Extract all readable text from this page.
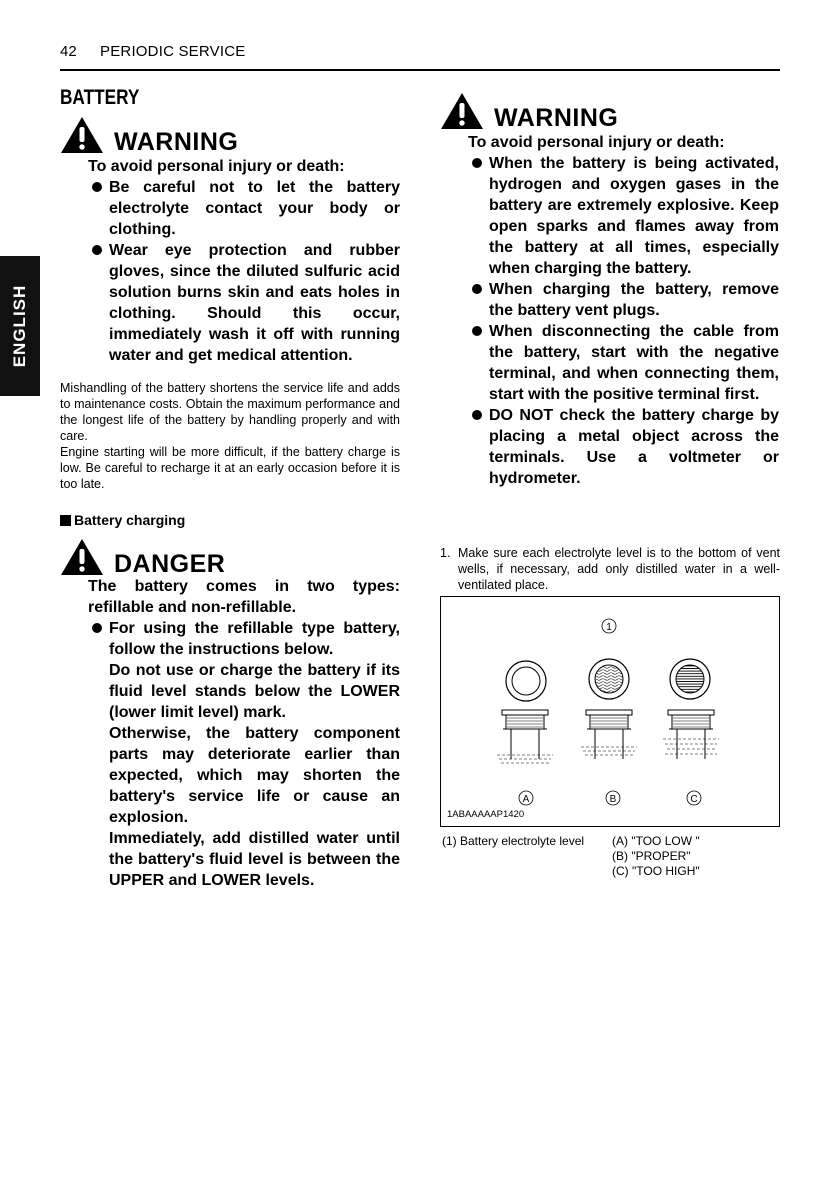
42 PERIODIC SERVICE
ENGLISH
BATTERY
WARNING
To avoid personal injury or death:
Be careful not to let the battery electrolyte contact your body or clothing.
Wear eye protection and rubber gloves, since the diluted sulfuric acid solution burns skin and eats holes in clothing. Should this occur, immediately wash it off with running water and get medical attention.
Mishandling of the battery shortens the service life and adds to maintenance costs. Obtain the maximum performance and the longest life of the battery by handling properly and with care.
Engine starting will be more difficult, if the battery charge is low. Be careful to recharge it at an early occasion before it is too late.
Battery charging
DANGER
The battery comes in two types: refillable and non-refillable.
For using the refillable type battery, follow the instructions below.
Do not use or charge the battery if its fluid level stands below the LOWER (lower limit level) mark.
Otherwise, the battery component parts may deteriorate earlier than expected, which may shorten the battery's service life or cause an explosion.
Immediately, add distilled water until the battery's fluid level is between the UPPER and LOWER levels.
WARNING
To avoid personal injury or death:
When the battery is being activated, hydrogen and oxygen gases in the battery are extremely explosive. Keep open sparks and flames away from the battery at all times, especially when charging the battery.
When charging the battery, remove the battery vent plugs.
When disconnecting the cable from the battery, start with the negative terminal, and when connecting them, start with the positive terminal first.
DO NOT check the battery charge by placing a metal object across the terminals. Use a voltmeter or hydrometer.
1. Make sure each electrolyte level is to the bottom of vent wells, if necessary, add only distilled water in a well-ventilated place.
1
A	B	C
1ABAAAAAP1420
(1) Battery electrolyte level (A) "TOO LOW "
(B) "PROPER"
(C) "TOO HIGH"
